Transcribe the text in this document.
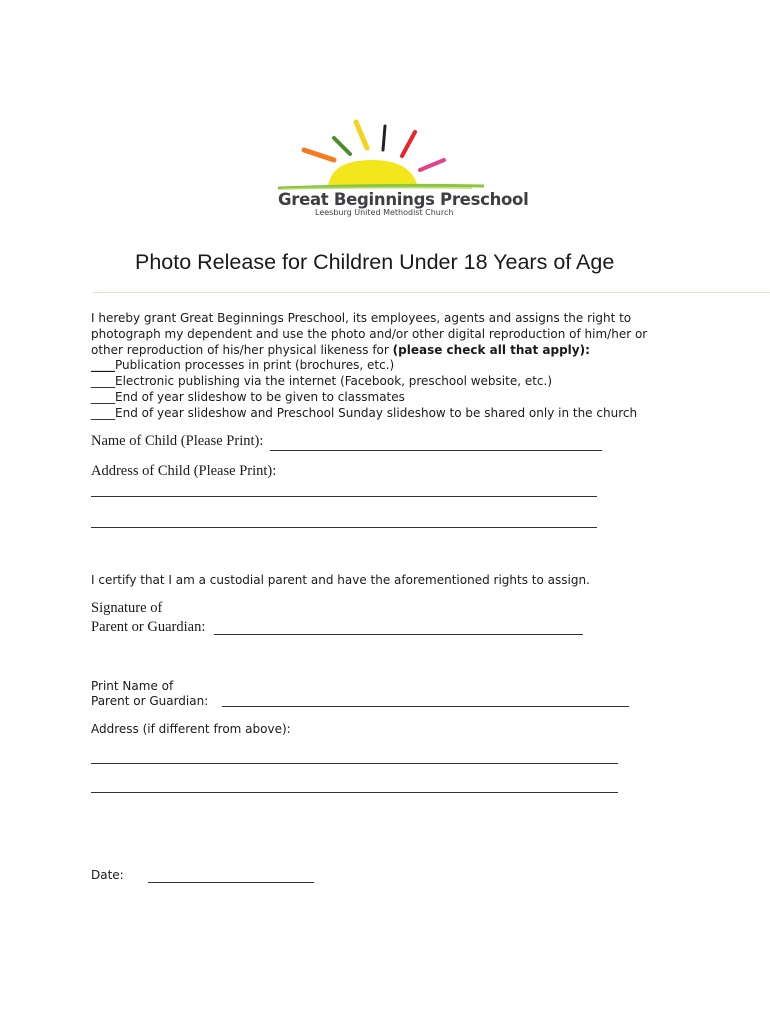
Great Beginnings Preschool
Leesburg United Methodist Church
Photo Release for Children Under 18 Years of Age
I hereby grant Great Beginnings Preschool, its employees, agents and assigns the right to
photograph my dependent and use the photo and/or other digital reproduction of him/her or
other reproduction of his/her physical likeness for (please check all that apply):
____Publication processes in print (brochures, etc.)
____Electronic publishing via the internet (Facebook, preschool website, etc.)
____End of year slideshow to be given to classmates
____End of year slideshow and Preschool Sunday slideshow to be shared only in the church
Name of Child (Please Print):
Address of Child (Please Print):
I certify that I am a custodial parent and have the aforementioned rights to assign.
Signature of
Parent or Guardian:
Print Name of
Parent or Guardian:
Address (if different from above):
Date:
